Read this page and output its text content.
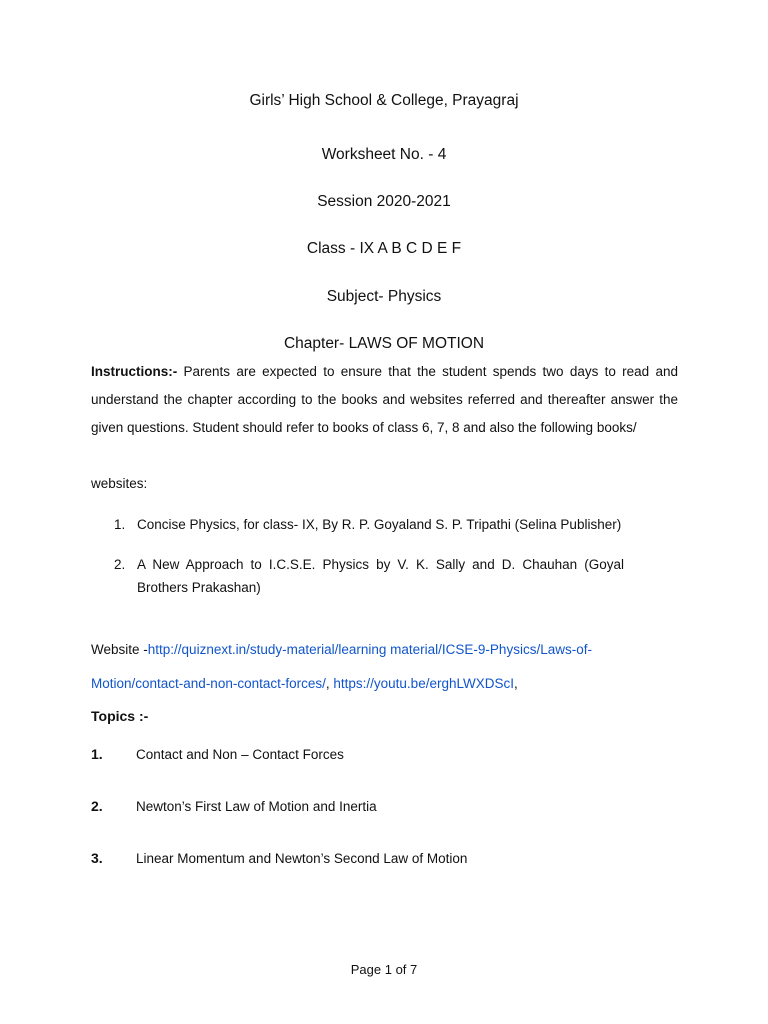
Girls’ High School & College, Prayagraj
Worksheet No. - 4
Session 2020-2021
Class - IX A B C D E F
Subject- Physics
Chapter- LAWS OF MOTION
Instructions:- Parents are expected to ensure that the student spends two days to read and understand the chapter according to the books and websites referred and thereafter answer the given questions. Student should refer to books of class 6, 7, 8 and also the following books/
websites:
1. Concise Physics, for class- IX, By R. P. Goyaland S. P. Tripathi (Selina Publisher)
2. A New Approach to I.C.S.E. Physics by V. K. Sally and D. Chauhan (Goyal Brothers Prakashan)
Website -http://quiznext.in/study-material/learning material/ICSE-9-Physics/Laws-of-
Motion/contact-and-non-contact-forces/, https://youtu.be/erghLWXDScI,
Topics :-
1. Contact and Non – Contact Forces
2. Newton’s First Law of Motion and Inertia
3. Linear Momentum and Newton’s Second Law of Motion
Page 1 of 7
